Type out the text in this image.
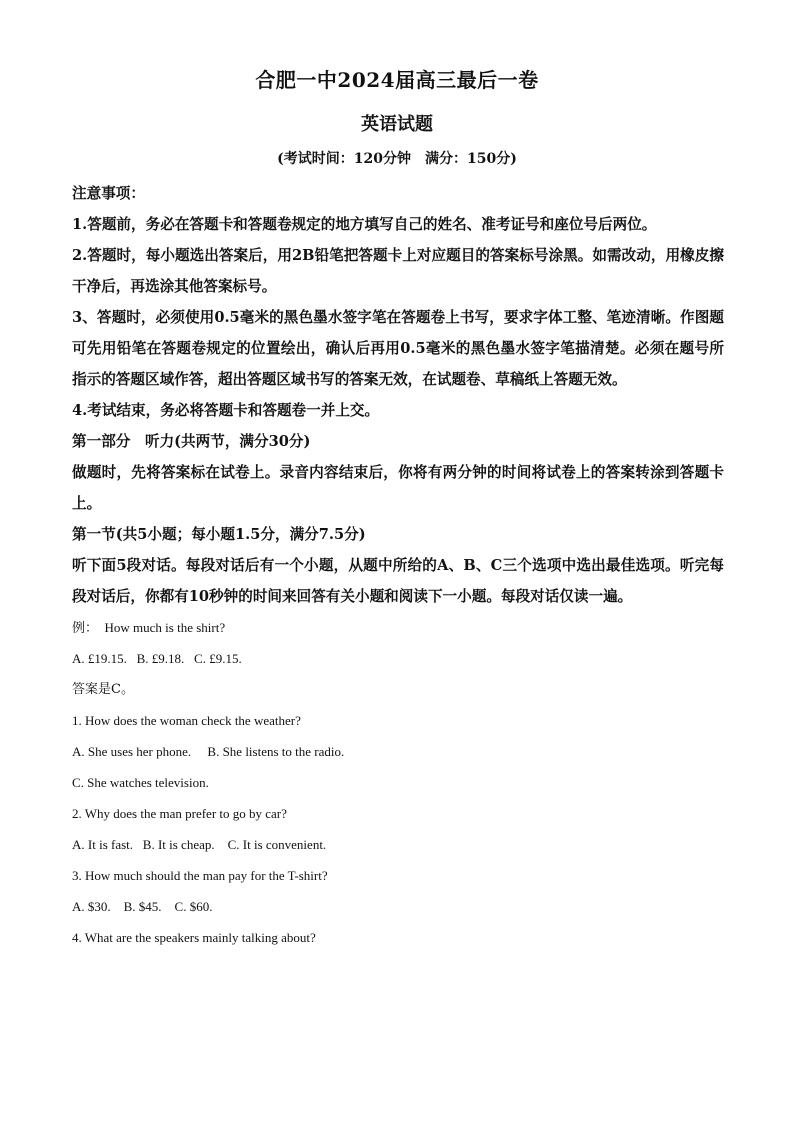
合肥一中2024届高三最后一卷
英语试题
(考试时间：120分钟　满分：150分)

注意事项：

1.答题前，务必在答题卡和答题卷规定的地方填写自己的姓名、准考证号和座位号后两位。

2.答题时，每小题选出答案后，用2B铅笔把答题卡上对应题目的答案标号涂黑。如需改动，用橡皮擦干净后，再选涂其他答案标号。

3、答题时，必须使用0.5毫米的黑色墨水签字笔在答题卷上书写，要求字体工整、笔迹清晰。作图题可先用铅笔在答题卷规定的位置绘出，确认后再用0.5毫米的黑色墨水签字笔描清楚。必须在题号所指示的答题区域作答，超出答题区域书写的答案无效，在试题卷、草稿纸上答题无效。

4.考试结束，务必将答题卡和答题卷一并上交。

第一部分　听力(共两节，满分30分)

做题时，先将答案标在试卷上。录音内容结束后，你将有两分钟的时间将试卷上的答案转涂到答题卡上。

第一节(共5小题；每小题1.5分，满分7.5分)

听下面5段对话。每段对话后有一个小题，从题中所给的A、B、C三个选项中选出最佳选项。听完每段对话后，你都有10秒钟的时间来回答有关小题和阅读下一小题。每段对话仅读一遍。

例：  How much is the shirt?

A. £19.15.   B. £9.18.   C. £9.15.

答案是C。

1. How does the woman check the weather?

A. She uses her phone.     B. She listens to the radio.

C. She watches television.

2. Why does the man prefer to go by car?

A. It is fast.   B. It is cheap.    C. It is convenient.

3. How much should the man pay for the T-shirt?

A. $30.    B. $45.    C. $60.

4. What are the speakers mainly talking about?
